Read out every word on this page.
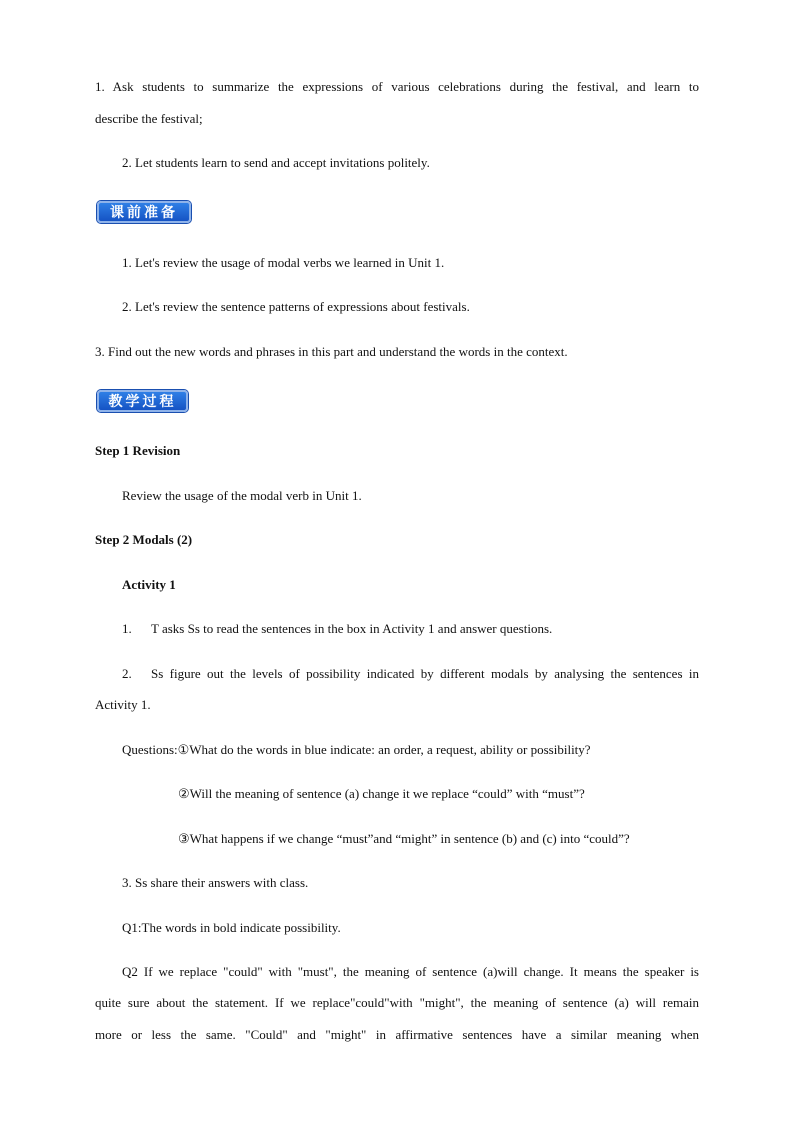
1. Ask students to summarize the expressions of various celebrations during the festival, and learn to
describe the festival;
2. Let students learn to send and accept invitations politely.
课前准备
1. Let's review the usage of modal verbs we learned in Unit 1.
2. Let's review the sentence patterns of expressions about festivals.
3. Find out the new words and phrases in this part and understand the words in the context.
教学过程
Step 1 Revision
Review the usage of the modal verb in Unit 1.
Step 2 Modals (2)
Activity 1
1. T asks Ss to read the sentences in the box in Activity 1 and answer questions.
2. Ss figure out the levels of possibility indicated by different modals by analysing the sentences in
Activity 1.
Questions:①What do the words in blue indicate: an order, a request, ability or possibility?
②Will the meaning of sentence (a) change it we replace “could” with “must”?
③What happens if we change “must”and “might” in sentence (b) and (c) into “could”?
3. Ss share their answers with class.
Q1:The words in bold indicate possibility.
Q2 If we replace "could" with "must", the meaning of sentence (a)will change. It means the speaker is
quite sure about the statement. If we replace"could"with "might", the meaning of sentence (a) will remain
more or less the same. "Could" and "might" in affirmative sentences have a similar meaning when
